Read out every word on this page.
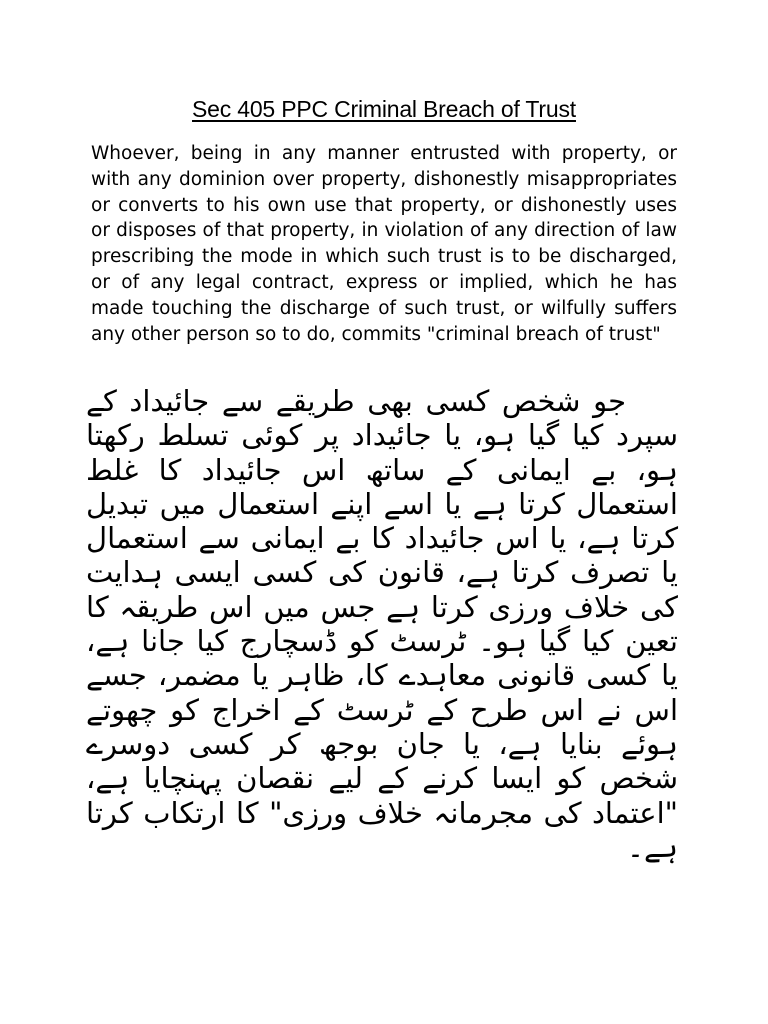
Sec 405 PPC Criminal Breach of Trust

Whoever, being in any manner entrusted with property, or with any dominion over property, dishonestly misappropriates or converts to his own use that property, or dishonestly uses or disposes of that property, in violation of any direction of law prescribing the mode in which such trust is to be discharged, or of any legal contract, express or implied, which he has made touching the discharge of such trust, or wilfully suffers any other person so to do, commits "criminal breach of trust"

جو شخص کسی بھی طریقے سے جائیداد کے سپرد کیا گیا ہو، یا جائیداد پر کوئی تسلط رکھتا ہو، بے ایمانی کے ساتھ اس جائیداد کا غلط استعمال کرتا ہے یا اسے اپنے استعمال میں تبدیل کرتا ہے، یا اس جائیداد کا بے ایمانی سے استعمال یا تصرف کرتا ہے، قانون کی کسی ایسی ہدایت کی خلاف ورزی کرتا ہے جس میں اس طریقہ کا تعین کیا گیا ہو۔ ٹرسٹ کو ڈسچارج کیا جانا ہے، یا کسی قانونی معاہدے کا، ظاہر یا مضمر، جسے اس نے اس طرح کے ٹرسٹ کے اخراج کو چھوتے ہوئے بنایا ہے، یا جان بوجھ کر کسی دوسرے شخص کو ایسا کرنے کے لیے نقصان پہنچایا ہے، "اعتماد کی مجرمانہ خلاف ورزی" کا ارتکاب کرتا ہے۔
